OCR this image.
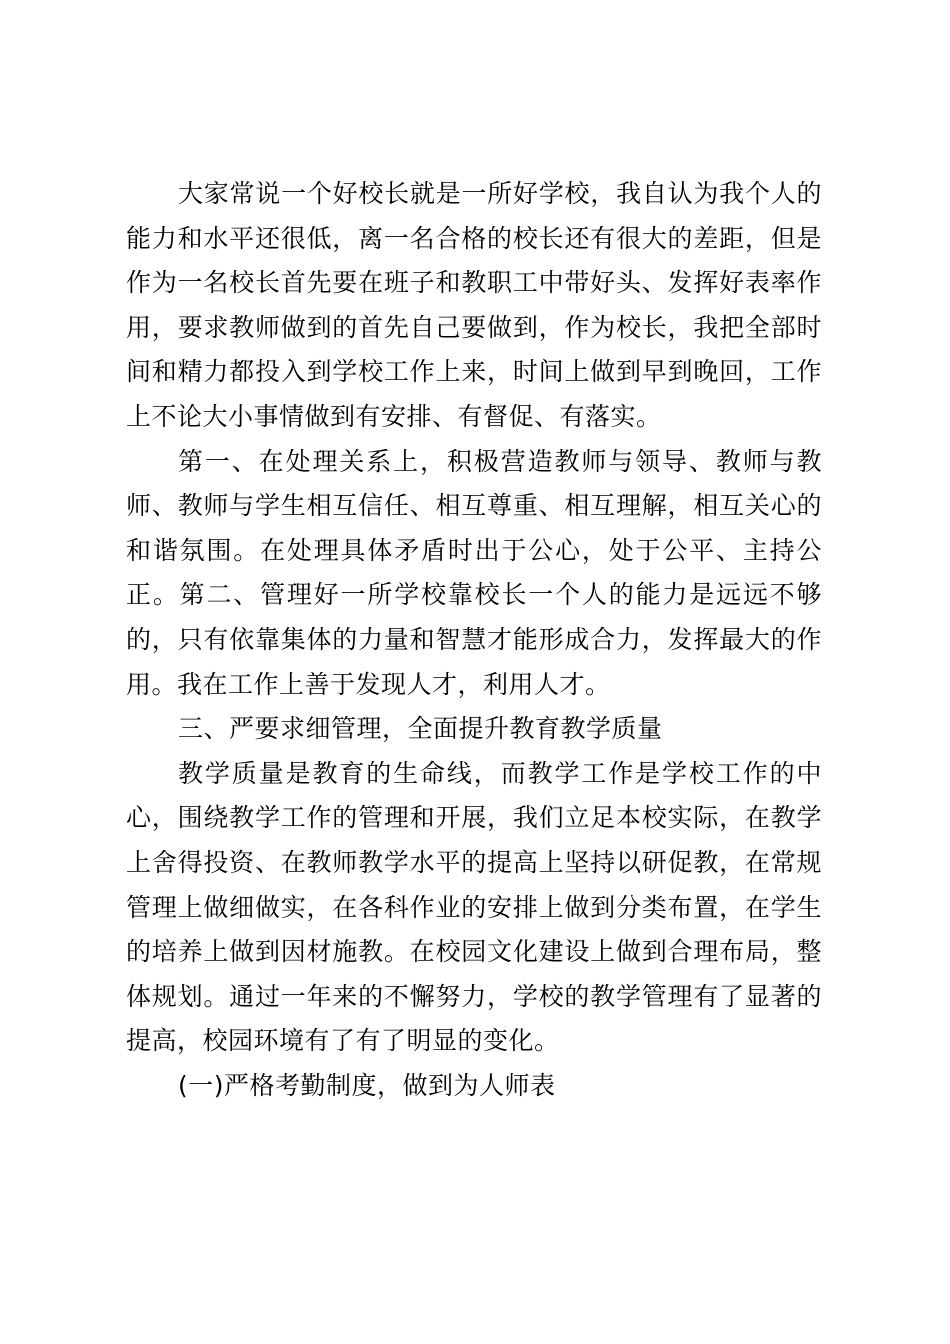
大家常说一个好校长就是一所好学校，我自认为我个人的能力和水平还很低，离一名合格的校长还有很大的差距，但是作为一名校长首先要在班子和教职工中带好头、发挥好表率作用，要求教师做到的首先自己要做到，作为校长，我把全部时间和精力都投入到学校工作上来，时间上做到早到晚回，工作上不论大小事情做到有安排、有督促、有落实。

第一、在处理关系上，积极营造教师与领导、教师与教师、教师与学生相互信任、相互尊重、相互理解，相互关心的和谐氛围。在处理具体矛盾时出于公心，处于公平、主持公正。第二、管理好一所学校靠校长一个人的能力是远远不够的，只有依靠集体的力量和智慧才能形成合力，发挥最大的作用。我在工作上善于发现人才，利用人才。

三、严要求细管理，全面提升教育教学质量

教学质量是教育的生命线，而教学工作是学校工作的中心，围绕教学工作的管理和开展，我们立足本校实际，在教学上舍得投资、在教师教学水平的提高上坚持以研促教，在常规管理上做细做实，在各科作业的安排上做到分类布置，在学生的培养上做到因材施教。在校园文化建设上做到合理布局，整体规划。通过一年来的不懈努力，学校的教学管理有了显著的提高，校园环境有了有了明显的变化。

(一)严格考勤制度，做到为人师表
